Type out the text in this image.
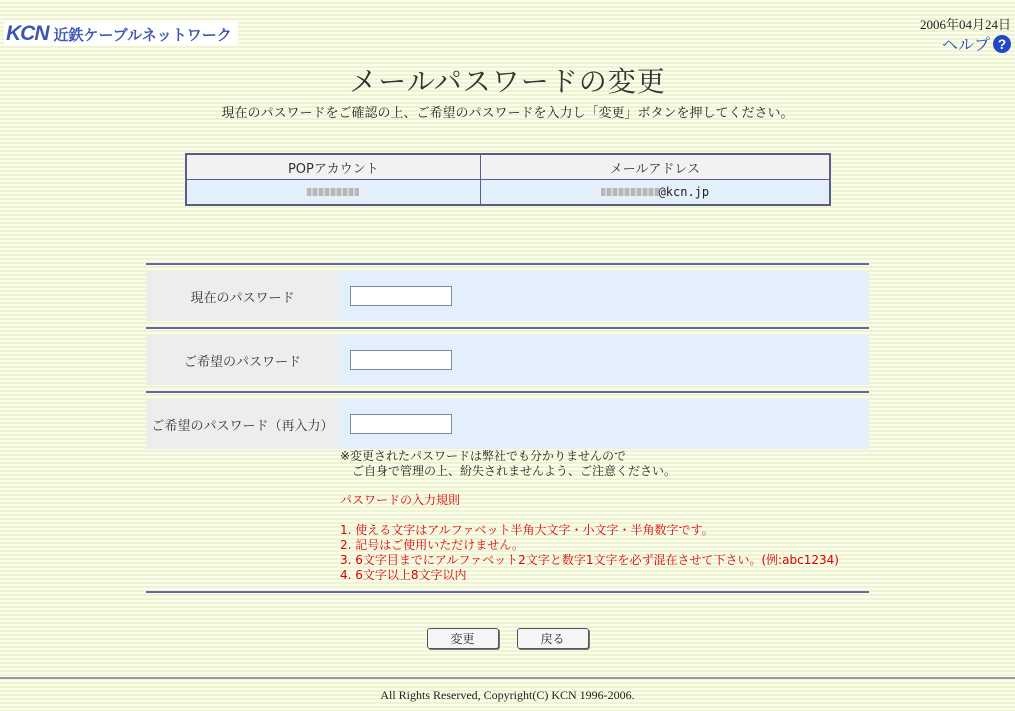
KCN 近鉄ケーブルネットワーク
2006年04月24日
ヘルプ ?
メールパスワードの変更
現在のパスワードをご確認の上、ご希望のパスワードを入力し「変更」ボタンを押してください。
POPアカウント	メールアドレス
	@kcn.jp
現在のパスワード
ご希望のパスワード
ご希望のパスワード（再入力）
※変更されたパスワードは弊社でも分かりませんので
ご自身で管理の上、紛失されませんよう、ご注意ください。
パスワードの入力規則
1. 使える文字はアルファベット半角大文字・小文字・半角数字です。
2. 記号はご使用いただけません。
3. 6文字目までにアルファベット2文字と数字1文字を必ず混在させて下さい。(例:abc1234)
4. 6文字以上8文字以内
変更	戻る
All Rights Reserved, Copyright(C) KCN 1996-2006.
